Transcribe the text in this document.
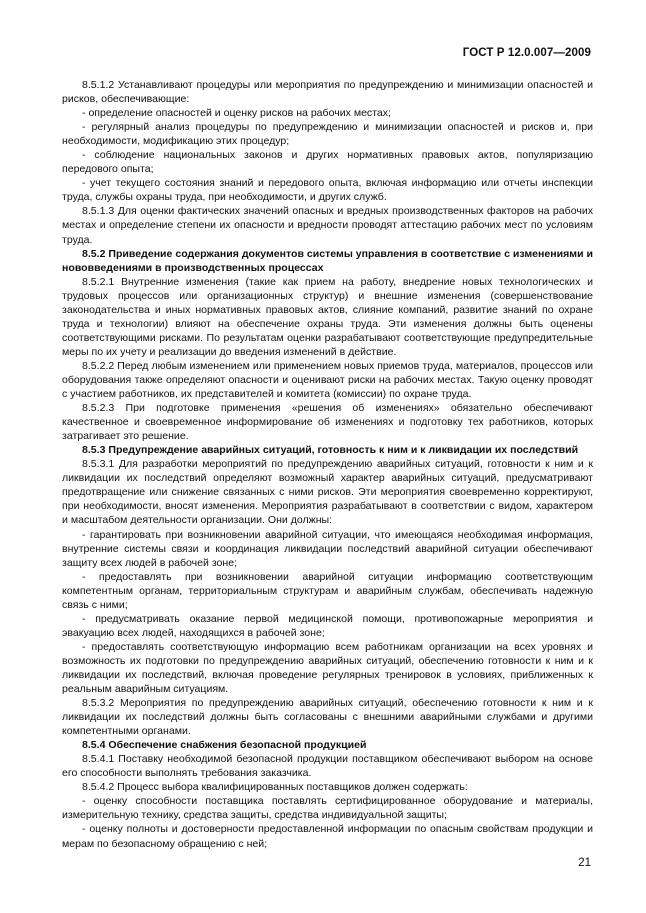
ГОСТ Р 12.0.007—2009

8.5.1.2 Устанавливают процедуры или мероприятия по предупреждению и минимизации опасностей и рисков, обеспечивающие:

- определение опасностей и оценку рисков на рабочих местах;

- регулярный анализ процедуры по предупреждению и минимизации опасностей и рисков и, при необходимости, модификацию этих процедур;

- соблюдение национальных законов и других нормативных правовых актов, популяризацию передового опыта;

- учет текущего состояния знаний и передового опыта, включая информацию или отчеты инспекции труда, службы охраны труда, при необходимости, и других служб.

8.5.1.3 Для оценки фактических значений опасных и вредных производственных факторов на рабочих местах и определение степени их опасности и вредности проводят аттестацию рабочих мест по условиям труда.

8.5.2 Приведение содержания документов системы управления в соответствие с изменениями и нововведениями в производственных процессах

8.5.2.1 Внутренние изменения (такие как прием на работу, внедрение новых технологических и трудовых процессов или организационных структур) и внешние изменения (совершенствование законодательства и иных нормативных правовых актов, слияние компаний, развитие знаний по охране труда и технологии) влияют на обеспечение охраны труда. Эти изменения должны быть оценены соответствующими рисками. По результатам оценки разрабатывают соответствующие предупредительные меры по их учету и реализации до введения изменений в действие.

8.5.2.2 Перед любым изменением или применением новых приемов труда, материалов, процессов или оборудования также определяют опасности и оценивают риски на рабочих местах. Такую оценку проводят с участием работников, их представителей и комитета (комиссии) по охране труда.

8.5.2.3 При подготовке применения «решения об изменениях» обязательно обеспечивают качественное и своевременное информирование об изменениях и подготовку тех работников, которых затрагивает это решение.

8.5.3 Предупреждение аварийных ситуаций, готовность к ним и к ликвидации их последствий

8.5.3.1 Для разработки мероприятий по предупреждению аварийных ситуаций, готовности к ним и к ликвидации их последствий определяют возможный характер аварийных ситуаций, предусматривают предотвращение или снижение связанных с ними рисков. Эти мероприятия своевременно корректируют, при необходимости, вносят изменения. Мероприятия разрабатывают в соответствии с видом, характером и масштабом деятельности организации. Они должны:

- гарантировать при возникновении аварийной ситуации, что имеющаяся необходимая информация, внутренние системы связи и координация ликвидации последствий аварийной ситуации обеспечивают защиту всех людей в рабочей зоне;

- предоставлять при возникновении аварийной ситуации информацию соответствующим компетентным органам, территориальным структурам и аварийным службам, обеспечивать надежную связь с ними;

- предусматривать оказание первой медицинской помощи, противопожарные мероприятия и эвакуацию всех людей, находящихся в рабочей зоне;

- предоставлять соответствующую информацию всем работникам организации на всех уровнях и возможность их подготовки по предупреждению аварийных ситуаций, обеспечению готовности к ним и к ликвидации их последствий, включая проведение регулярных тренировок в условиях, приближенных к реальным аварийным ситуациям.

8.5.3.2 Мероприятия по предупреждению аварийных ситуаций, обеспечению готовности к ним и к ликвидации их последствий должны быть согласованы с внешними аварийными службами и другими компетентными органами.

8.5.4 Обеспечение снабжения безопасной продукцией

8.5.4.1 Поставку необходимой безопасной продукции поставщиком обеспечивают выбором на основе его способности выполнять требования заказчика.

8.5.4.2 Процесс выбора квалифицированных поставщиков должен содержать:

- оценку способности поставщика поставлять сертифицированное оборудование и материалы, измерительную технику, средства защиты, средства индивидуальной защиты;

- оценку полноты и достоверности предоставленной информации по опасным свойствам продукции и мерам по безопасному обращению с ней;

21
